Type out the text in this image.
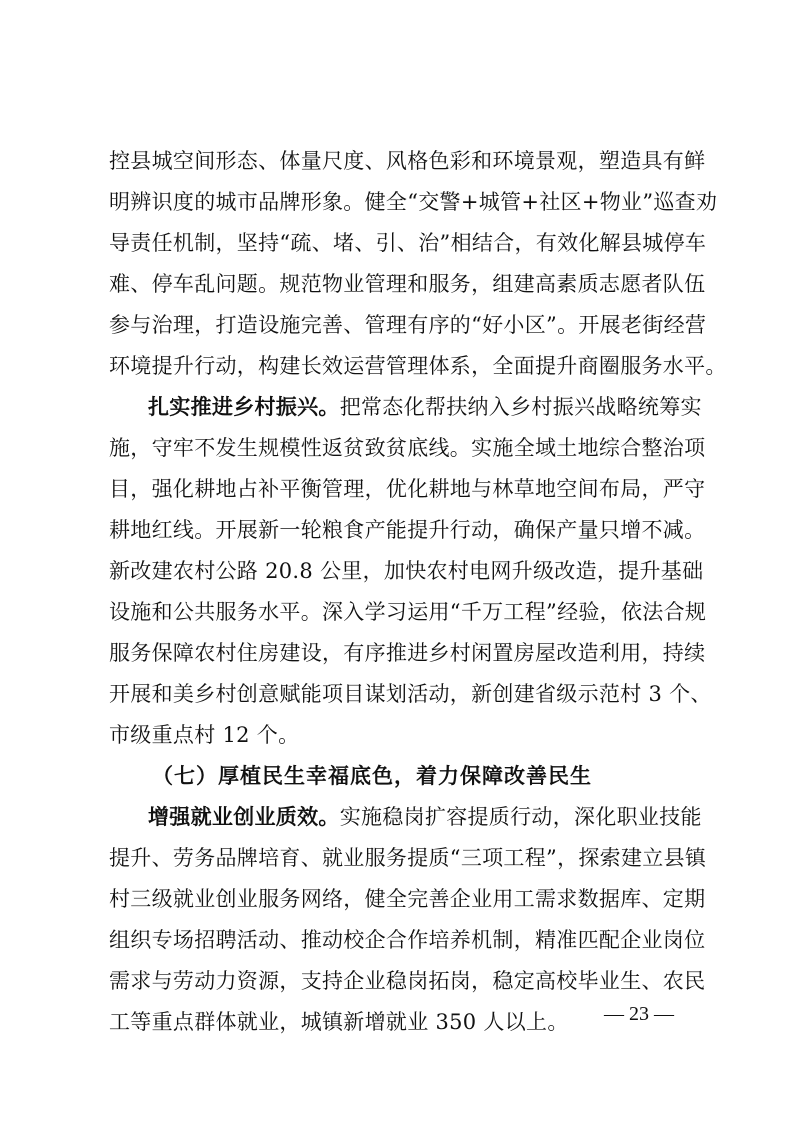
控县城空间形态、体量尺度、风格色彩和环境景观，塑造具有鲜
明辨识度的城市品牌形象。健全“交警+城管+社区+物业”巡查劝
导责任机制，坚持“疏、堵、引、治”相结合，有效化解县城停车
难、停车乱问题。规范物业管理和服务，组建高素质志愿者队伍
参与治理，打造设施完善、管理有序的“好小区”。开展老街经营
环境提升行动，构建长效运营管理体系，全面提升商圈服务水平。
扎实推进乡村振兴。把常态化帮扶纳入乡村振兴战略统筹实
施，守牢不发生规模性返贫致贫底线。实施全域土地综合整治项
目，强化耕地占补平衡管理，优化耕地与林草地空间布局，严守
耕地红线。开展新一轮粮食产能提升行动，确保产量只增不减。
新改建农村公路 20.8 公里，加快农村电网升级改造，提升基础
设施和公共服务水平。深入学习运用“千万工程”经验，依法合规
服务保障农村住房建设，有序推进乡村闲置房屋改造利用，持续
开展和美乡村创意赋能项目谋划活动，新创建省级示范村 3 个、
市级重点村 12 个。
（七）厚植民生幸福底色，着力保障改善民生
增强就业创业质效。实施稳岗扩容提质行动，深化职业技能
提升、劳务品牌培育、就业服务提质“三项工程”，探索建立县镇
村三级就业创业服务网络，健全完善企业用工需求数据库、定期
组织专场招聘活动、推动校企合作培养机制，精准匹配企业岗位
需求与劳动力资源，支持企业稳岗拓岗，稳定高校毕业生、农民
工等重点群体就业，城镇新增就业 350 人以上。	— 23 —
